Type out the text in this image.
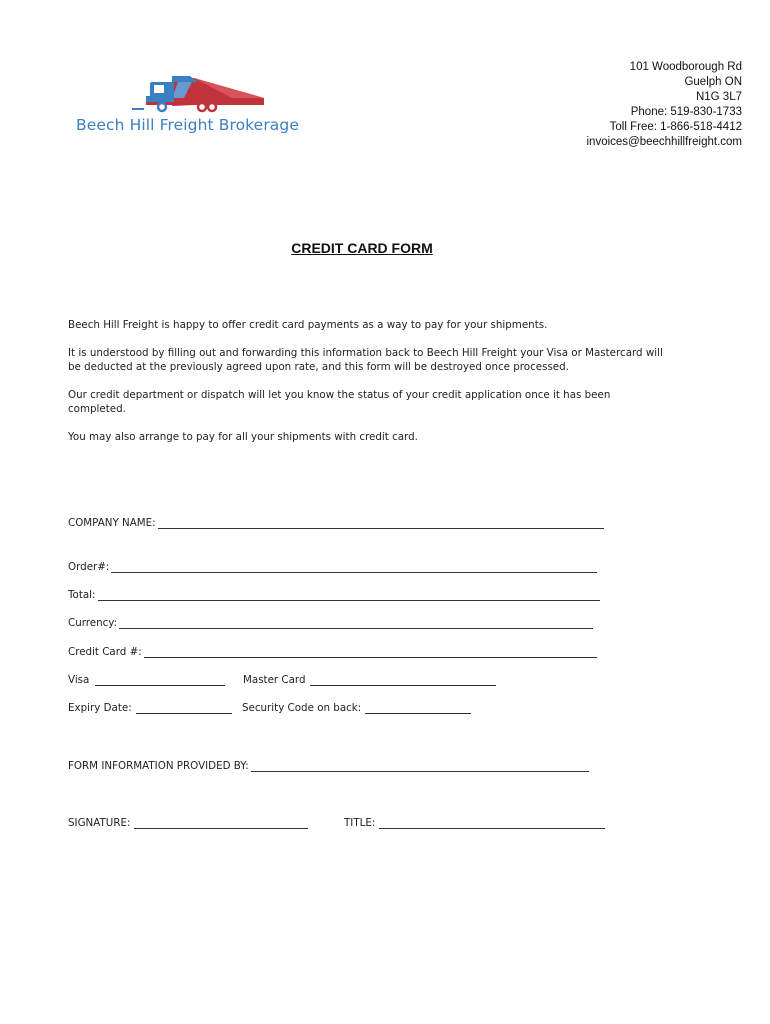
Beech Hill Freight Brokerage
101 Woodborough Rd
Guelph ON
N1G 3L7
Phone: 519-830-1733
Toll Free: 1-866-518-4412
invoices@beechhillfreight.com
CREDIT CARD FORM

Beech Hill Freight is happy to offer credit card payments as a way to pay for your shipments.

It is understood by filling out and forwarding this information back to Beech Hill Freight your Visa or Mastercard will be deducted at the previously agreed upon rate, and this form will be destroyed once processed.

Our credit department or dispatch will let you know the status of your credit application once it has been completed.

You may also arrange to pay for all your shipments with credit card.

COMPANY NAME:
Order#:
Total:
Currency:
Credit Card #:
Visa	Master Card
Expiry Date:	Security Code on back:
FORM INFORMATION PROVIDED BY:
SIGNATURE:	TITLE:
